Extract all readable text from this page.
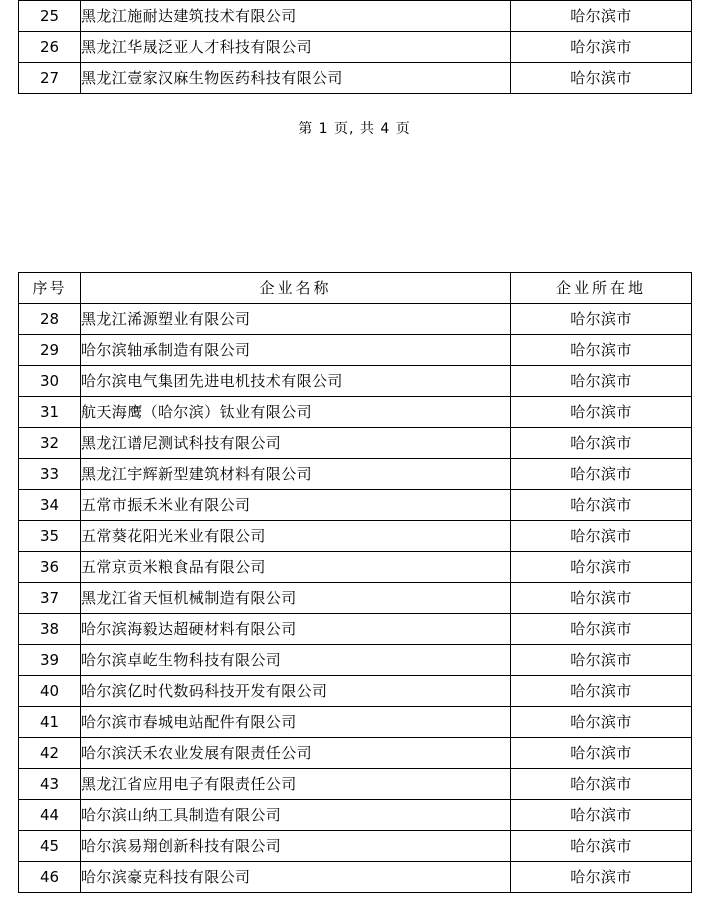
25	黑龙江施耐达建筑技术有限公司	哈尔滨市
26	黑龙江华晟泛亚人才科技有限公司	哈尔滨市
27	黑龙江壹家汉麻生物医药科技有限公司	哈尔滨市
第 1 页, 共 4 页
序号	企业名称	企业所在地
28	黑龙江浠源塑业有限公司	哈尔滨市
29	哈尔滨轴承制造有限公司	哈尔滨市
30	哈尔滨电气集团先进电机技术有限公司	哈尔滨市
31	航天海鹰（哈尔滨）钛业有限公司	哈尔滨市
32	黑龙江谱尼测试科技有限公司	哈尔滨市
33	黑龙江宇辉新型建筑材料有限公司	哈尔滨市
34	五常市振禾米业有限公司	哈尔滨市
35	五常葵花阳光米业有限公司	哈尔滨市
36	五常京贡米粮食品有限公司	哈尔滨市
37	黑龙江省天恒机械制造有限公司	哈尔滨市
38	哈尔滨海毅达超硬材料有限公司	哈尔滨市
39	哈尔滨卓屹生物科技有限公司	哈尔滨市
40	哈尔滨亿时代数码科技开发有限公司	哈尔滨市
41	哈尔滨市春城电站配件有限公司	哈尔滨市
42	哈尔滨沃禾农业发展有限责任公司	哈尔滨市
43	黑龙江省应用电子有限责任公司	哈尔滨市
44	哈尔滨山纳工具制造有限公司	哈尔滨市
45	哈尔滨易翔创新科技有限公司	哈尔滨市
46	哈尔滨豪克科技有限公司	哈尔滨市
